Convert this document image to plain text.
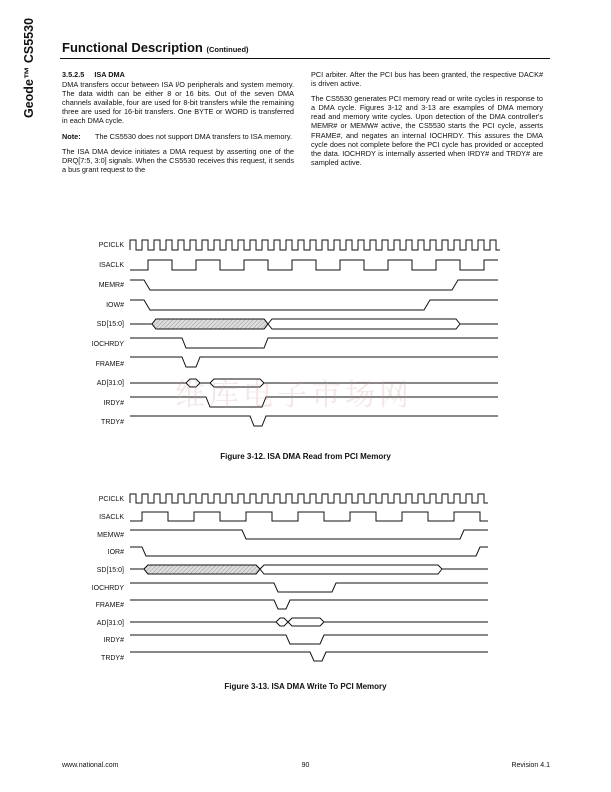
Geode™ CS5530 Functional Description (Continued)
3.5.2.5 ISA DMA

DMA transfers occur between ISA I/O peripherals and system memory. The data width can be either 8 or 16 bits. Out of the seven DMA channels available, four are used for 8-bit transfers while the remaining three are used for 16-bit transfers. One BYTE or WORD is transferred in each DMA cycle.

Note:	The CS5530 does not support DMA transfers to ISA memory.

The ISA DMA device initiates a DMA request by asserting one of the DRQ[7:5, 3:0] signals. When the CS5530 receives this request, it sends a bus grant request to the

PCI arbiter. After the PCI bus has been granted, the respective DACK# is driven active.

The CS5530 generates PCI memory read or write cycles in response to a DMA cycle. Figures 3-12 and 3-13 are examples of DMA memory read and memory write cycles. Upon detection of the DMA controller's MEMR# or MEMW# active, the CS5530 starts the PCI cycle, asserts FRAME#, and negates an internal IOCHRDY. This assures the DMA cycle does not complete before the PCI cycle has provided or accepted the data. IOCHRDY is internally asserted when IRDY# and TRDY# are sampled active.

PCICLK
ISACLK
MEMR#
IOW#
SD[15:0]
IOCHRDY
FRAME#
AD[31:0]
IRDY#
TRDY#
Figure 3-12. ISA DMA Read from PCI Memory
PCICLK
ISACLK
MEMW#
IOR#
SD[15:0]
IOCHRDY
FRAME#
AD[31:0]
IRDY#
TRDY#
Figure 3-13. ISA DMA Write To PCI Memory
维库电子市场网
www.national.com	90	Revision 4.1
